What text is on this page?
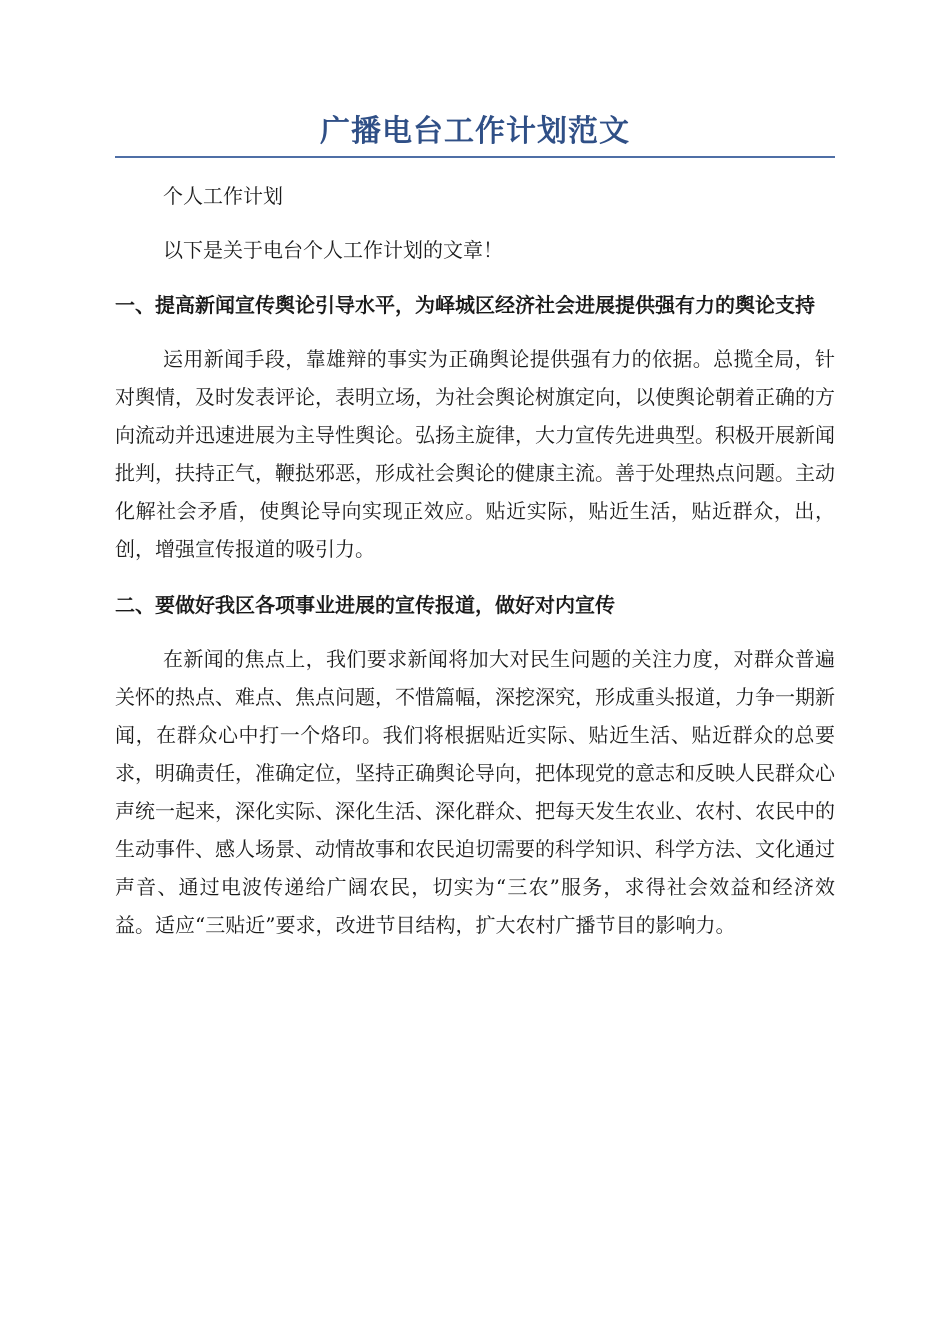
广播电台工作计划范文

个人工作计划

以下是关于电台个人工作计划的文章！

一、提高新闻宣传舆论引导水平，为峄城区经济社会进展提供强有力的舆论支持

运用新闻手段，靠雄辩的事实为正确舆论提供强有力的依据。总揽全局，针对舆情，及时发表评论，表明立场，为社会舆论树旗定向，以使舆论朝着正确的方向流动并迅速进展为主导性舆论。弘扬主旋律，大力宣传先进典型。积极开展新闻批判，扶持正气，鞭挞邪恶，形成社会舆论的健康主流。善于处理热点问题。主动化解社会矛盾，使舆论导向实现正效应。贴近实际，贴近生活，贴近群众，出，创，增强宣传报道的吸引力。

二、要做好我区各项事业进展的宣传报道，做好对内宣传

在新闻的焦点上，我们要求新闻将加大对民生问题的关注力度，对群众普遍关怀的热点、难点、焦点问题，不惜篇幅，深挖深究，形成重头报道，力争一期新闻，在群众心中打一个烙印。我们将根据贴近实际、贴近生活、贴近群众的总要求，明确责任，准确定位，坚持正确舆论导向，把体现党的意志和反映人民群众心声统一起来，深化实际、深化生活、深化群众、把每天发生农业、农村、农民中的生动事件、感人场景、动情故事和农民迫切需要的科学知识、科学方法、文化通过声音、通过电波传递给广阔农民，切实为“三农”服务，求得社会效益和经济效益。适应“三贴近”要求，改进节目结构，扩大农村广播节目的影响力。
